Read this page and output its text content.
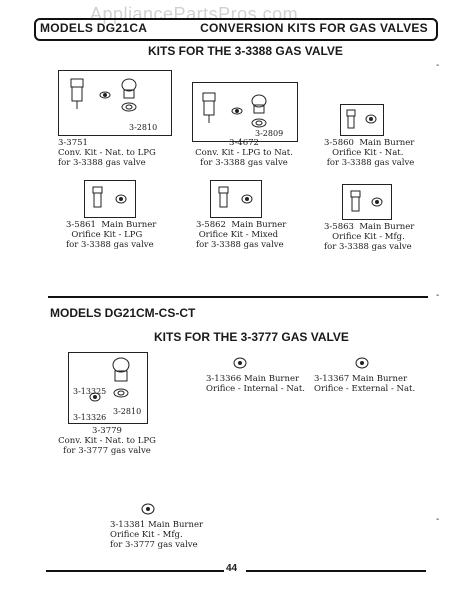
AppliancePartsPros.com
MODELS DG21CA	CONVERSION KITS FOR GAS VALVES
KITS FOR THE 3-3388 GAS VALVE
3-2810
3-3751
Conv. Kit - Nat. to LPG
for 3-3388 gas valve
3-2809
3-4672
Conv. Kit - LPG to Nat.
for 3-3388 gas valve
3-5860 Main Burner
Orifice Kit - Nat.
for 3-3388 gas valve
3-5861 Main Burner
Orifice Kit - LPG
for 3-3388 gas valve
3-5862 Main Burner
Orifice Kit - Mixed
for 3-3388 gas valve
3-5863 Main Burner
Orifice Kit - Mfg.
for 3-3388 gas valve
-
-
MODELS DG21CM-CS-CT
KITS FOR THE 3-3777 GAS VALVE
3-13325
3-2810
3-13326
3-3779
Conv. Kit - Nat. to LPG
for 3-3777 gas valve
3-13366 Main Burner
Orifice - Internal - Nat.
3-13367 Main Burner
Orifice - External - Nat.
3-13381 Main Burner
Orifice Kit - Mfg.
for 3-3777 gas valve
-
44
